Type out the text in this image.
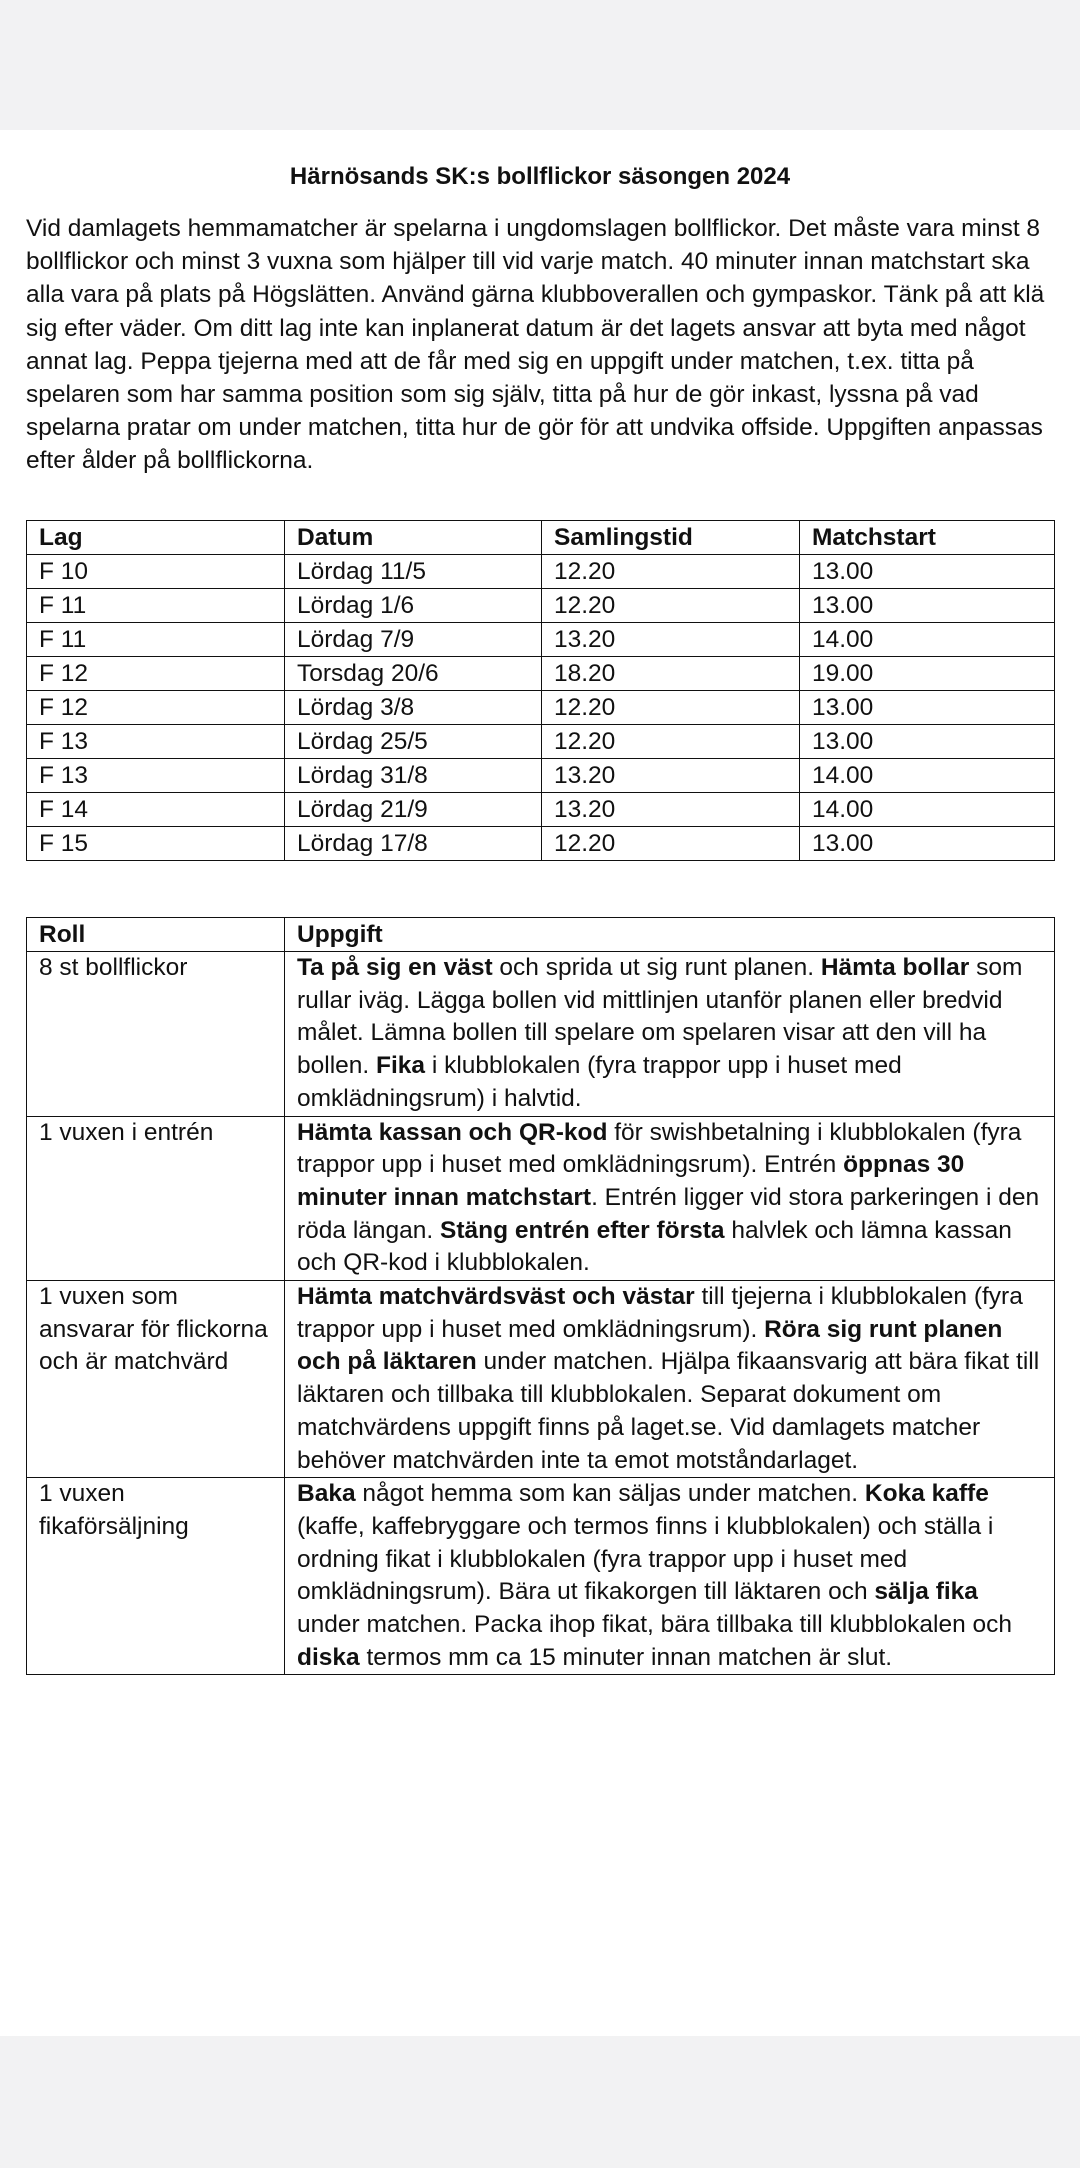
Härnösands SK:s bollflickor säsongen 2024

Vid damlagets hemmamatcher är spelarna i ungdomslagen bollflickor. Det måste vara minst 8 bollflickor och minst 3 vuxna som hjälper till vid varje match. 40 minuter innan matchstart ska alla vara på plats på Högslätten. Använd gärna klubboverallen och gympaskor. Tänk på att klä sig efter väder. Om ditt lag inte kan inplanerat datum är det lagets ansvar att byta med något annat lag. Peppa tjejerna med att de får med sig en uppgift under matchen, t.ex. titta på spelaren som har samma position som sig själv, titta på hur de gör inkast, lyssna på vad spelarna pratar om under matchen, titta hur de gör för att undvika offside. Uppgiften anpassas efter ålder på bollflickorna.

Lag	Datum	Samlingstid	Matchstart
F 10	Lördag 11/5	12.20	13.00
F 11	Lördag 1/6	12.20	13.00
F 11	Lördag 7/9	13.20	14.00
F 12	Torsdag 20/6	18.20	19.00
F 12	Lördag 3/8	12.20	13.00
F 13	Lördag 25/5	12.20	13.00
F 13	Lördag 31/8	13.20	14.00
F 14	Lördag 21/9	13.20	14.00
F 15	Lördag 17/8	12.20	13.00
Roll	Uppgift
8 st bollflickor	Ta på sig en väst och sprida ut sig runt planen. Hämta bollar som rullar iväg. Lägga bollen vid mittlinjen utanför planen eller bredvid målet. Lämna bollen till spelare om spelaren visar att den vill ha bollen. Fika i klubblokalen (fyra trappor upp i huset med omklädningsrum) i halvtid.
1 vuxen i entrén	Hämta kassan och QR-kod för swishbetalning i klubblokalen (fyra trappor upp i huset med omklädningsrum). Entrén öppnas 30 minuter innan matchstart. Entrén ligger vid stora parkeringen i den röda längan. Stäng entrén efter första halvlek och lämna kassan och QR-kod i klubblokalen.
1 vuxen som ansvarar för flickorna och är matchvärd	Hämta matchvärdsväst och västar till tjejerna i klubblokalen (fyra trappor upp i huset med omklädningsrum). Röra sig runt planen och på läktaren under matchen. Hjälpa fikaansvarig att bära fikat till läktaren och tillbaka till klubblokalen. Separat dokument om matchvärdens uppgift finns på laget.se. Vid damlagets matcher behöver matchvärden inte ta emot motståndarlaget.
1 vuxen fikaförsäljning	Baka något hemma som kan säljas under matchen. Koka kaffe (kaffe, kaffebryggare och termos finns i klubblokalen) och ställa i ordning fikat i klubblokalen (fyra trappor upp i huset med omklädningsrum). Bära ut fikakorgen till läktaren och sälja fika under matchen. Packa ihop fikat, bära tillbaka till klubblokalen och diska termos mm ca 15 minuter innan matchen är slut.
